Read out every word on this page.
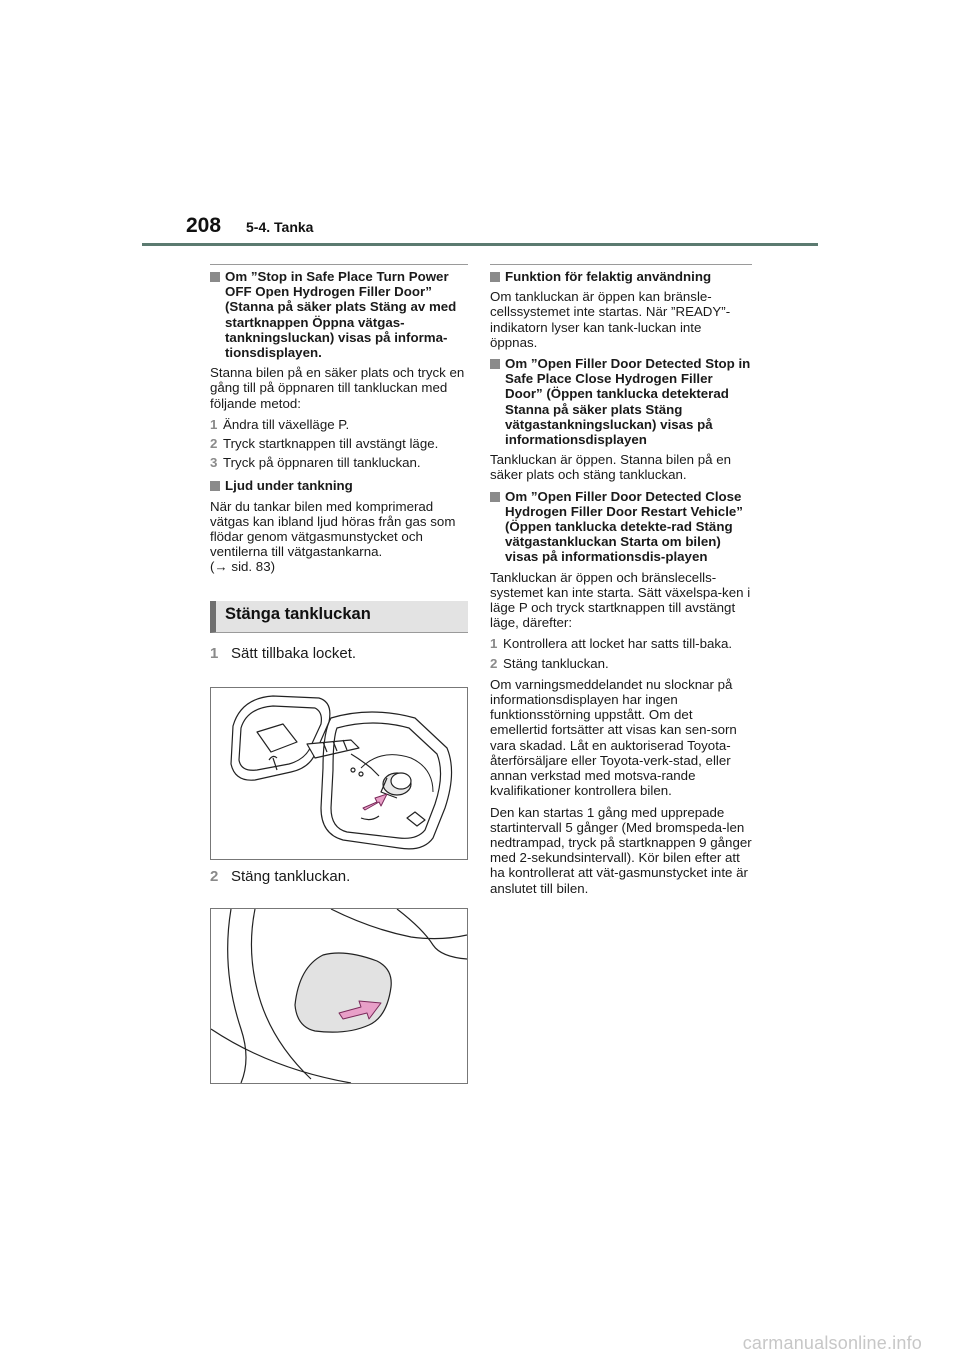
208 5-4. Tanka
Om ”Stop in Safe Place Turn Power OFF Open Hydrogen Filler Door” (Stanna på säker plats Stäng av med startknappen Öppna vätgas-tankningsluckan) visas på informa-tionsdisplayen.
Stanna bilen på en säker plats och tryck en gång till på öppnaren till tankluckan med följande metod:
1 Ändra till växelläge P.
2 Tryck startknappen till avstängt läge.
3 Tryck på öppnaren till tankluckan.
Ljud under tankning
När du tankar bilen med komprimerad vätgas kan ibland ljud höras från gas som flödar genom vätgasmunstycket och ventilerna till vätgastankarna.
(→ sid. 83)
Stänga tankluckan
1 Sätt tillbaka locket.
2 Stäng tankluckan.
Funktion för felaktig användning
Om tankluckan är öppen kan bränsle-cellssystemet inte startas. När ”READY”-indikatorn lyser kan tank-luckan inte öppnas.
Om ”Open Filler Door Detected Stop in Safe Place Close Hydrogen Filler Door” (Öppen tanklucka detekterad Stanna på säker plats Stäng vätgastankningsluckan) visas på informationsdisplayen
Tankluckan är öppen. Stanna bilen på en säker plats och stäng tankluckan.
Om ”Open Filler Door Detected Close Hydrogen Filler Door Restart Vehicle” (Öppen tanklucka detekte-rad Stäng vätgastankluckan Starta om bilen) visas på informationsdis-playen
Tankluckan är öppen och bränslecells-systemet kan inte starta. Sätt växelspa-ken i läge P och tryck startknappen till avstängt läge, därefter:
1 Kontrollera att locket har satts till-baka.
2 Stäng tankluckan.
Om varningsmeddelandet nu slocknar på informationsdisplayen har ingen funktionsstörning uppstått. Om det emellertid fortsätter att visas kan sen-sorn vara skadad. Låt en auktoriserad Toyota-återförsäljare eller Toyota-verk-stad, eller annan verkstad med motsva-rande kvalifikationer kontrollera bilen.
Den kan startas 1 gång med upprepade startintervall 5 gånger (Med bromspeda-len nedtrampad, tryck på startknappen 9 gånger med 2-sekundsintervall). Kör bilen efter att ha kontrollerat att vät-gasmunstycket inte är anslutet till bilen.
carmanualsonline.info
